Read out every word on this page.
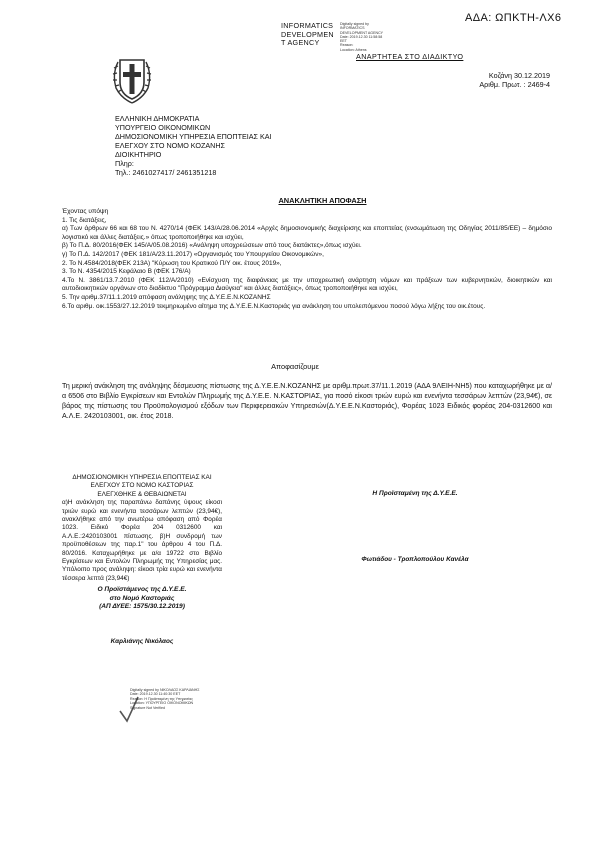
ΑΔΑ: ΩΠΚΤΗ-ΛΧ6
INFORMATICS DEVELOPMEN T AGENCY
Digitally signed by
INFORMATICS
DEVELOPMENT AGENCY
Date: 2019.12.30 11:58:58
EET
Reason:
Location: Athens
ΑΝΑΡΤΗΤΕΑ ΣΤΟ ΔΙΑΔΙΚΤΥΟ
ΕΛΛΗΝΙΚΗ ΔΗΜΟΚΡΑΤΙΑ
ΥΠΟΥΡΓΕΙΟ ΟΙΚΟΝΟΜΙΚΩΝ
ΔΗΜΟΣΙΟΝΟΜΙΚΗ ΥΠΗΡΕΣΙΑ ΕΠΟΠΤΕΙΑΣ ΚΑΙ
ΕΛΕΓΧΟΥ ΣΤΟ ΝΟΜΟ ΚΟΖΑΝΗΣ
ΔΙΟΙΚΗΤΗΡΙΟ
Πληρ:
Τηλ.: 2461027417/ 2461351218
Κοζάνη 30.12.2019
Αριθμ. Πρωτ. : 2469-4
ΑΝΑΚΛΗΤΙΚΗ ΑΠΟΦΑΣΗ
Έχοντας υπόψη
1. Τις διατάξεις,
α) Των άρθρων 66 και 68 του Ν. 4270/14 (ΦΕΚ 143/Α/28.06.2014 «Αρχές δημοσιονομικής διαχείρισης και εποπτείας (ενσωμάτωση της Οδηγίας 2011/85/ΕΕ) – δημόσιο λογιστικό και άλλες διατάξεις.» όπως τροποποιήθηκε και ισχύει,
β) Το Π.Δ. 80/2016(ΦΕΚ 145/Α/05.08.2016) «Ανάληψη υποχρεώσεων από τους διατάκτες»,όπως ισχύει.
γ) Το Π.Δ. 142/2017 (ΦΕΚ 181/Α/23.11.2017) «Οργανισμός του Υπουργείου Οικονομικών»,
2. Το Ν.4584/2018(ΦΕΚ 213Α) "Κύρωση του Κρατικού Π/Υ οικ. έτους 2019»,
3. Το Ν. 4354/2015 Κεφάλαιο Β (ΦΕΚ 176/Α)
4.Το Ν. 3861/13.7.2010 (ΦΕΚ 112/Α/2010) «Ενίσχυση της διαφάνειας με την υποχρεωτική ανάρτηση νόμων και πράξεων των κυβερνητικών, διοικητικών και αυτοδιοικητικών οργάνων στο διαδίκτυο "Πρόγραμμα Διαύγεια" και άλλες διατάξεις», όπως τροποποιήθηκε και ισχύει,
5. Την αριθμ.37/11.1.2019 απόφαση ανάληψης της Δ.Υ.Ε.Ε.Ν.ΚΟΖΑΝΗΣ
6.Το αριθμ. οικ.1553/27.12.2019 τεκμηριωμένο αίτημα της Δ.Υ.Ε.Ε.Ν.Καστοριάς για ανάκληση του υπολειπόμενου ποσού λόγω λήξης του οικ.έτους.
Αποφασίζουμε
Τη μερική ανάκληση της ανάληψης δέσμευσης πίστωσης της Δ.Υ.Ε.Ε.Ν.ΚΟΖΑΝΗΣ με αριθμ.πρωτ.37/11.1.2019 (ΑΔΑ 9ΛΕΙΗ-ΝΗ5) που καταχωρήθηκε με α/α 6506 στο Βιβλίο Εγκρίσεων και Εντολών Πληρωμής της Δ.Υ.Ε.Ε. Ν.ΚΑΣΤΟΡΙΑΣ, για ποσό είκοσι τριών ευρώ και ενενήντα τεσσάρων λεπτών (23,94€), σε βάρος της πίστωσης του Προϋπολογισμού εξόδων των Περιφερειακών Υπηρεσιών(Δ.Υ.Ε.Ε.Ν.Καστοριάς), Φορέας 1023 Ειδικός φορέας 204-0312600 και Α.Λ.Ε. 2420103001, οικ. έτος 2018.
ΔΗΜΟΣΙΟΝΟΜΙΚΗ ΥΠΗΡΕΣΙΑ ΕΠΟΠΤΕΙΑΣ ΚΑΙ
ΕΛΕΓΧΟΥ ΣΤΟ ΝΟΜΟ ΚΑΣΤΟΡΙΑΣ
ΕΛΕΓΧΘΗΚΕ & ΘΕΒΑΙΩΝΕΤΑΙ
α)Η ανάκληση της παραπάνω δαπάνης ύψους είκοσι τριών ευρώ και ενενήντα τεσσάρων λεπτών (23,94€), ανακλήθηκε από την ανωτέρω απόφαση από Φορέα 1023. Ειδικό Φορέα 204 0312600 και Α.Λ.Ε.:2420103001 πίστωσης. β)Η συνδρομή των προϋποθέσεων της παρ.1" του άρθρου 4 του Π.Δ. 80/2016. Καταχωρήθηκε με α/α 19722 στο Βιβλίο Εγκρίσεων και Εντολών Πληρωμής της Υπηρεσίας μας. Υπόλοιπο προς ανάληψη: είκοσι τρία ευρώ και ενενήντα τέσσερα λεπτά (23,94€)
Ο Προϊστάμενος της Δ.Υ.Ε.Ε.
στο Νομό Καστοριάς
(ΑΠ ΔΥΕΕ: 1575/30.12.2019)
Η Προϊσταμένη της Δ.Υ.Ε.Ε.
Φωτιάδου - Τροπλοπούλου Κανέλα
Καρλιάνης Νικόλαος
Digitally signed by ΝΙΚΟΛΑΟΣ ΚΑΡΛΙΑΝΗΣ
Date: 2019.12.30 11:40:30 EET
Reason: Η Προϊσταμένη της Υπηρεσίας
Location: ΥΠΟΥΡΓΕΙΟ ΟΙΚΟΝΟΜΙΚΩΝ
Signature Not Verified
